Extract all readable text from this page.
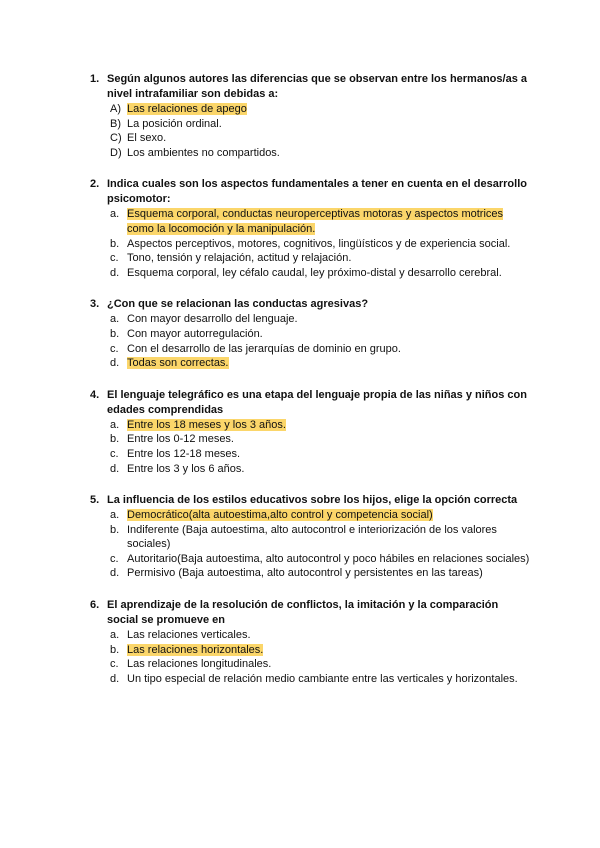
1. Según algunos autores las diferencias que se observan entre los hermanos/as a nivel intrafamiliar son debidas a:
A) Las relaciones de apego
B) La posición ordinal.
C) El sexo.
D) Los ambientes no compartidos.
2. Indica cuales son los aspectos fundamentales a tener en cuenta en el desarrollo psicomotor:
a. Esquema corporal, conductas neuroperceptivas motoras y aspectos motrices como la locomoción y la manipulación.
b. Aspectos perceptivos, motores, cognitivos, lingüísticos y de experiencia social.
c. Tono, tensión y relajación, actitud y relajación.
d. Esquema corporal, ley céfalo caudal, ley próximo-distal y desarrollo cerebral.
3. ¿Con que se relacionan las conductas agresivas?
a. Con mayor desarrollo del lenguaje.
b. Con mayor autorregulación.
c. Con el desarrollo de las jerarquías de dominio en grupo.
d. Todas son correctas.
4. El lenguaje telegráfico es una etapa del lenguaje propia de las niñas y niños con edades comprendidas
a. Entre los 18 meses y los 3 años.
b. Entre los 0-12 meses.
c. Entre los 12-18 meses.
d. Entre los 3 y los 6 años.
5. La influencia de los estilos educativos sobre los hijos, elige la opción correcta
a. Democrático(alta autoestima,alto control y competencia social)
b. Indiferente (Baja autoestima, alto autocontrol e interiorización de los valores sociales)
c. Autoritario(Baja autoestima, alto autocontrol y poco hábiles en relaciones sociales)
d. Permisivo (Baja autoestima, alto autocontrol y persistentes en las tareas)
6. El aprendizaje de la resolución de conflictos, la imitación y la comparación social se promueve en
a. Las relaciones verticales.
b. Las relaciones horizontales.
c. Las relaciones longitudinales.
d. Un tipo especial de relación medio cambiante entre las verticales y horizontales.
